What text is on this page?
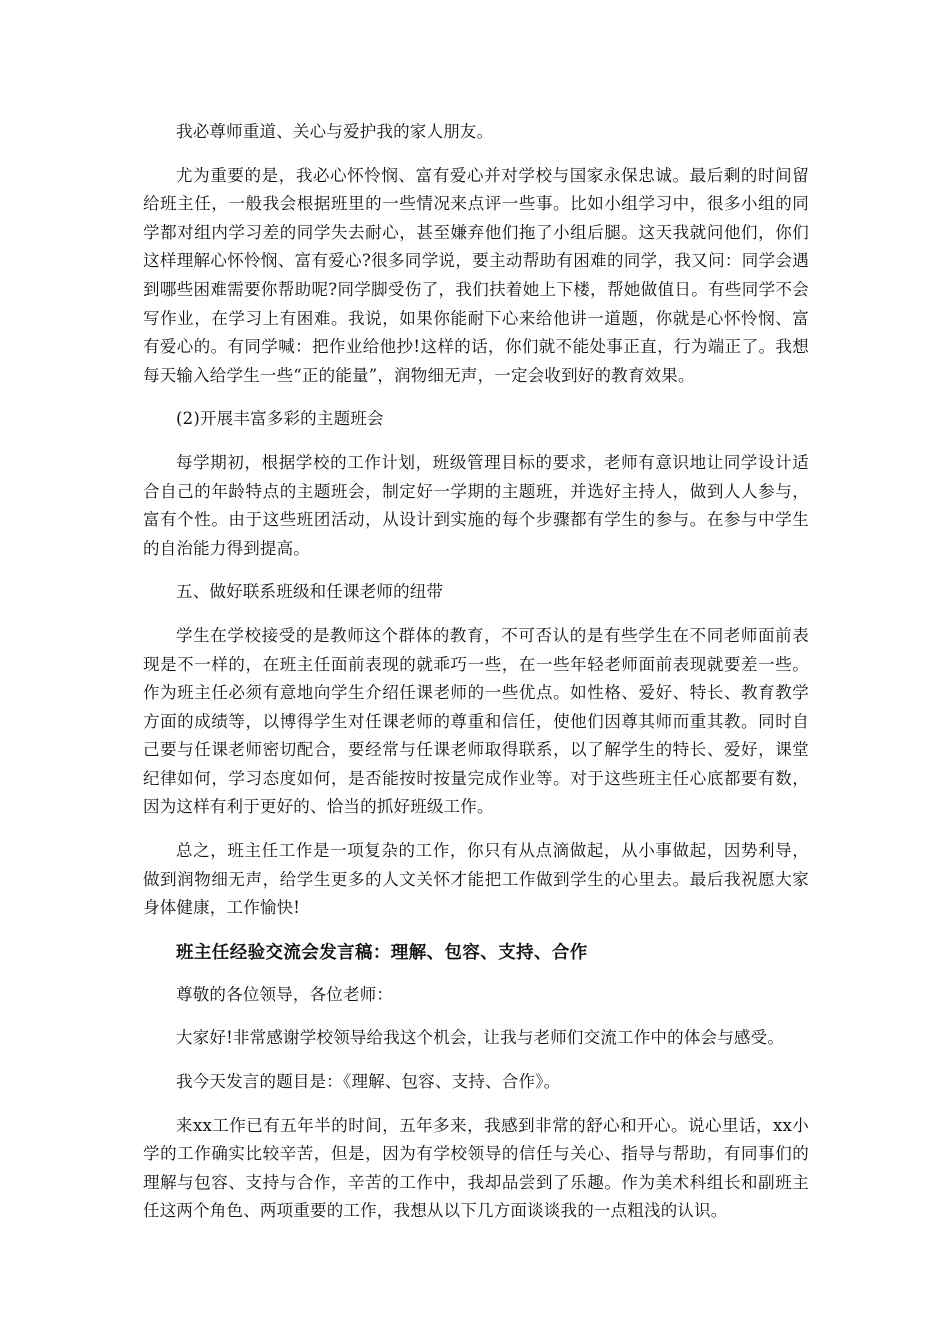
我必尊师重道、关心与爱护我的家人朋友。

尤为重要的是，我必心怀怜悯、富有爱心并对学校与国家永保忠诚。最后剩的时间留给班主任，一般我会根据班里的一些情况来点评一些事。比如小组学习中，很多小组的同学都对组内学习差的同学失去耐心，甚至嫌弃他们拖了小组后腿。这天我就问他们，你们这样理解心怀怜悯、富有爱心?很多同学说，要主动帮助有困难的同学，我又问：同学会遇到哪些困难需要你帮助呢?同学脚受伤了，我们扶着她上下楼，帮她做值日。有些同学不会写作业，在学习上有困难。我说，如果你能耐下心来给他讲一道题，你就是心怀怜悯、富有爱心的。有同学喊：把作业给他抄!这样的话，你们就不能处事正直，行为端正了。我想每天输入给学生一些“正的能量”，润物细无声，一定会收到好的教育效果。

(2)开展丰富多彩的主题班会

每学期初，根据学校的工作计划，班级管理目标的要求，老师有意识地让同学设计适合自己的年龄特点的主题班会，制定好一学期的主题班，并选好主持人，做到人人参与，富有个性。由于这些班团活动，从设计到实施的每个步骤都有学生的参与。在参与中学生的自治能力得到提高。

五、做好联系班级和任课老师的纽带

学生在学校接受的是教师这个群体的教育，不可否认的是有些学生在不同老师面前表现是不一样的，在班主任面前表现的就乖巧一些，在一些年轻老师面前表现就要差一些。作为班主任必须有意地向学生介绍任课老师的一些优点。如性格、爱好、特长、教育教学方面的成绩等，以博得学生对任课老师的尊重和信任，使他们因尊其师而重其教。同时自己要与任课老师密切配合，要经常与任课老师取得联系，以了解学生的特长、爱好，课堂纪律如何，学习态度如何，是否能按时按量完成作业等。对于这些班主任心底都要有数，因为这样有利于更好的、恰当的抓好班级工作。

总之，班主任工作是一项复杂的工作，你只有从点滴做起，从小事做起，因势利导，做到润物细无声，给学生更多的人文关怀才能把工作做到学生的心里去。最后我祝愿大家身体健康，工作愉快!

班主任经验交流会发言稿：理解、包容、支持、合作

尊敬的各位领导，各位老师：

大家好!非常感谢学校领导给我这个机会，让我与老师们交流工作中的体会与感受。

我今天发言的题目是：《理解、包容、支持、合作》。

来xx工作已有五年半的时间，五年多来，我感到非常的舒心和开心。说心里话，xx小学的工作确实比较辛苦，但是，因为有学校领导的信任与关心、指导与帮助，有同事们的理解与包容、支持与合作，辛苦的工作中，我却品尝到了乐趣。作为美术科组长和副班主任这两个角色、两项重要的工作，我想从以下几方面谈谈我的一点粗浅的认识。
